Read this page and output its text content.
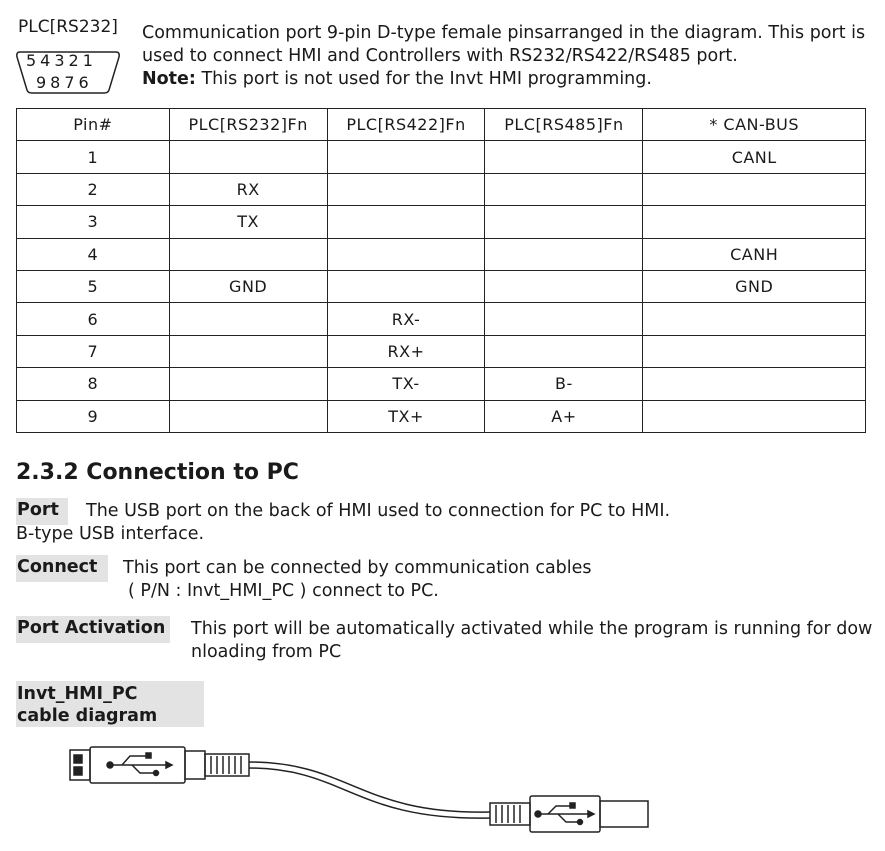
PLC[RS232]
54321
9876
Communication port 9-pin D-type female pinsarranged in the diagram. This port is used to connect HMI and Controllers with RS232/RS422/RS485 port.
Note: This port is not used for the Invt HMI programming.
Pin#	PLC[RS232]Fn	PLC[RS422]Fn	PLC[RS485]Fn	* CAN-BUS
1				CANL
2	RX			
3	TX			
4				CANH
5	GND			GND
6		RX-		
7		RX+		
8		TX-	B-	
9		TX+	A+	
2.3.2 Connection to PC
Port	The USB port on the back of HMI used to connection for PC to HMI.
B-type USB interface.
Connect	This port can be connected by communication cables
( P/N : Invt_HMI_PC ) connect to PC.
Port Activation This port will be automatically activated while the program is running for dow nloading from PC
Invt_HMI_PC
cable diagram
